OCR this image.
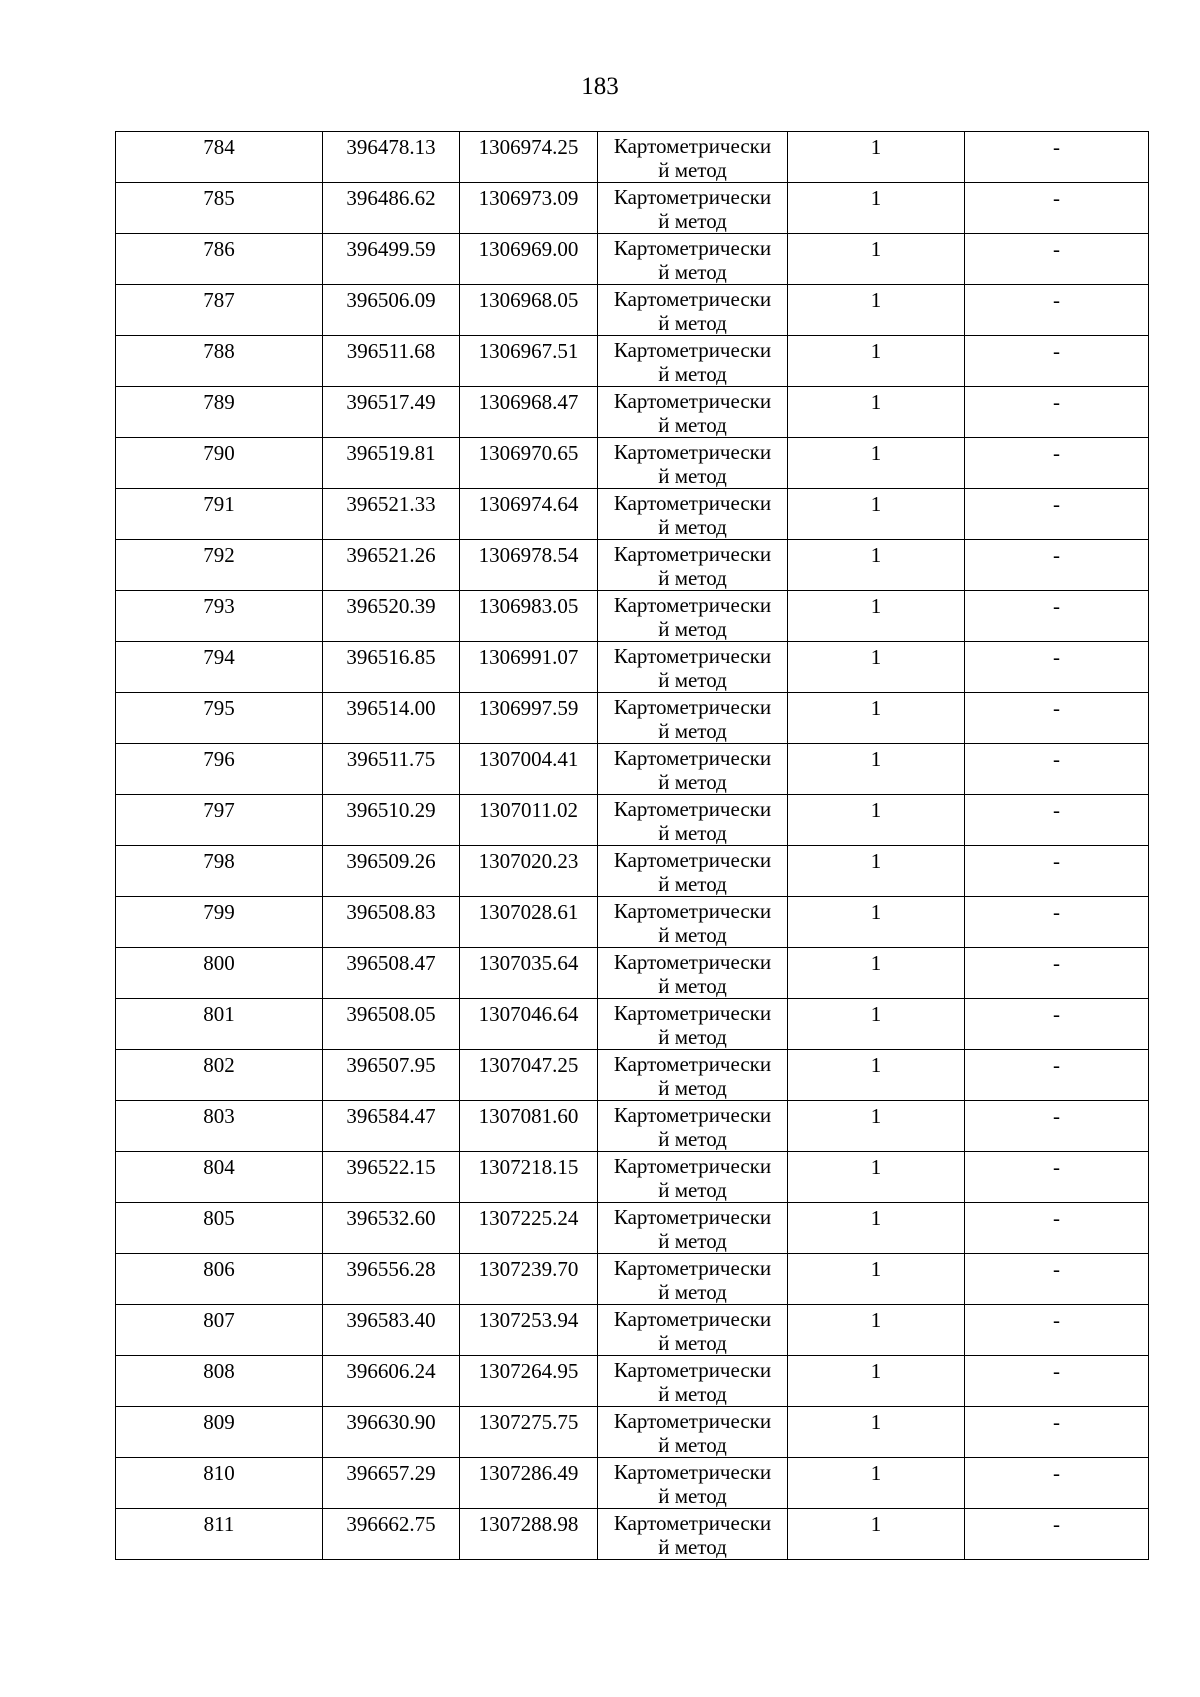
183
784	396478.13	1306974.25	Картометрически
й метод	1	-

785	396486.62	1306973.09	Картометрически
й метод	1	-

786	396499.59	1306969.00	Картометрически
й метод	1	-

787	396506.09	1306968.05	Картометрически
й метод	1	-

788	396511.68	1306967.51	Картометрически
й метод	1	-

789	396517.49	1306968.47	Картометрически
й метод	1	-

790	396519.81	1306970.65	Картометрически
й метод	1	-

791	396521.33	1306974.64	Картометрически
й метод	1	-

792	396521.26	1306978.54	Картометрически
й метод	1	-

793	396520.39	1306983.05	Картометрически
й метод	1	-

794	396516.85	1306991.07	Картометрически
й метод	1	-

795	396514.00	1306997.59	Картометрически
й метод	1	-

796	396511.75	1307004.41	Картометрически
й метод	1	-

797	396510.29	1307011.02	Картометрически
й метод	1	-

798	396509.26	1307020.23	Картометрически
й метод	1	-

799	396508.83	1307028.61	Картометрически
й метод	1	-

800	396508.47	1307035.64	Картометрически
й метод	1	-

801	396508.05	1307046.64	Картометрически
й метод	1	-

802	396507.95	1307047.25	Картометрически
й метод	1	-

803	396584.47	1307081.60	Картометрически
й метод	1	-

804	396522.15	1307218.15	Картометрически
й метод	1	-

805	396532.60	1307225.24	Картометрически
й метод	1	-

806	396556.28	1307239.70	Картометрически
й метод	1	-

807	396583.40	1307253.94	Картометрически
й метод	1	-

808	396606.24	1307264.95	Картометрически
й метод	1	-

809	396630.90	1307275.75	Картометрически
й метод	1	-

810	396657.29	1307286.49	Картометрически
й метод	1	-

811	396662.75	1307288.98	Картометрически
й метод	1	-
